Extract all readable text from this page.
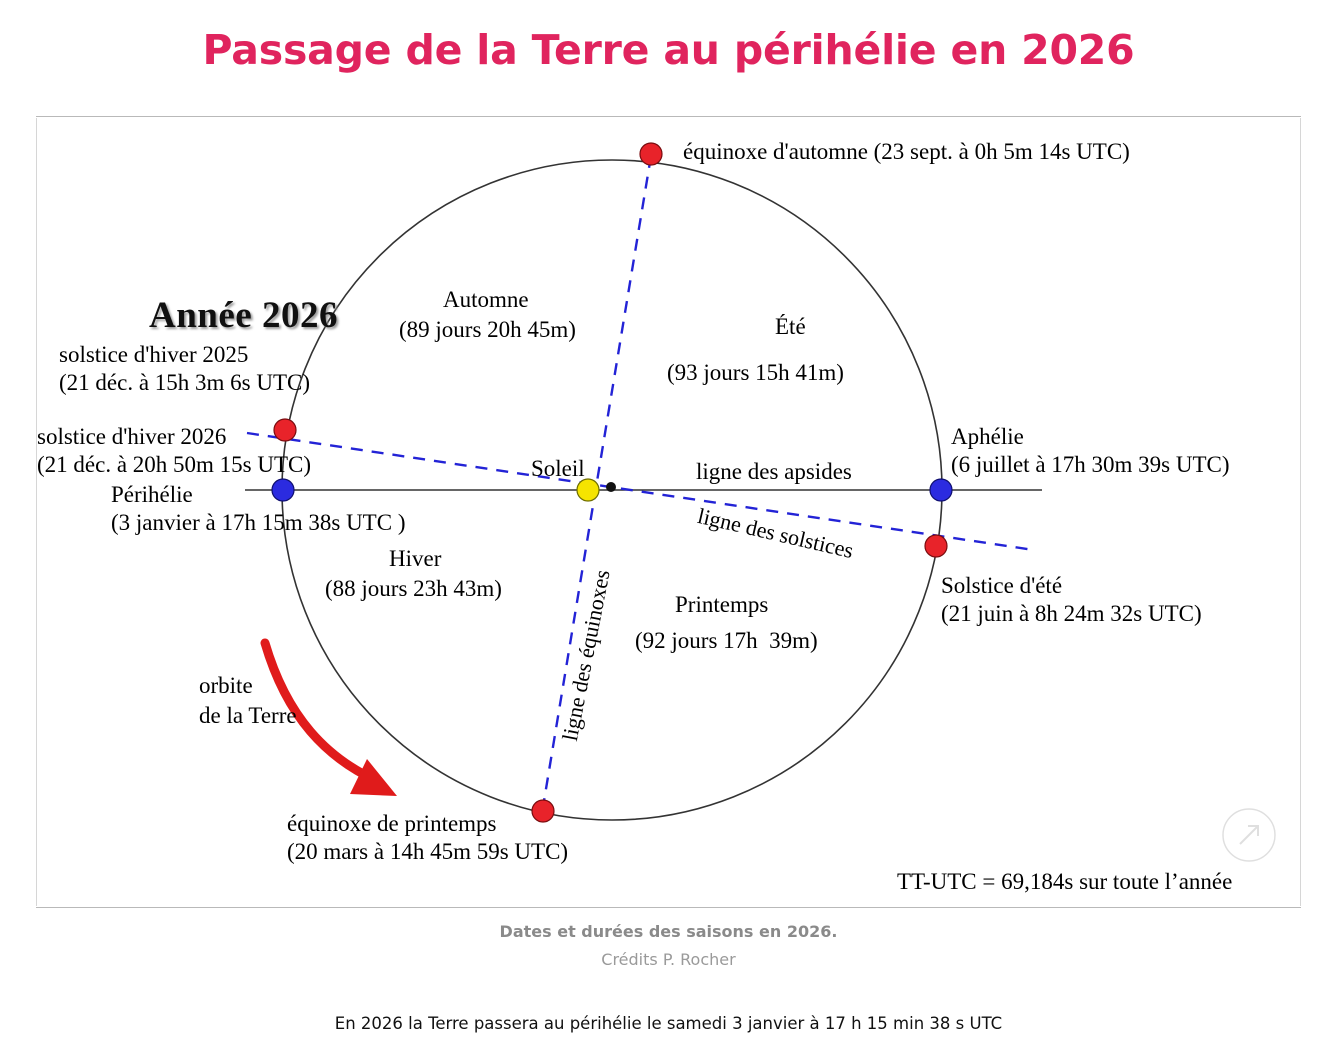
Passage de la Terre au périhélie en 2026
Année 2026
équinoxe d'automne (23 sept. à 0h 5m 14s UTC)
solstice d'hiver 2025
(21 déc. à 15h 3m 6s UTC)
solstice d'hiver 2026
(21 déc. à 20h 50m 15s UTC)
Périhélie
(3 janvier à 17h 15m 38s UTC )
Aphélie
(6 juillet à 17h 30m 39s UTC)
Solstice d'été
(21 juin à 8h 24m 32s UTC)
équinoxe de printemps
(20 mars à 14h 45m 59s UTC)
Automne
(89 jours 20h 45m)	Été
(93 jours 15h 41m)
Hiver
(88 jours 23h 43m)
Printemps
(92 jours 17h  39m)
Soleil	ligne des apsides
ligne des équinoxes
ligne des solstices
orbite
de la Terre
TT-UTC = 69,184s sur toute l’année
Dates et durées des saisons en 2026.
Crédits P. Rocher
En 2026 la Terre passera au périhélie le samedi 3 janvier à 17 h 15 min 38 s UTC
